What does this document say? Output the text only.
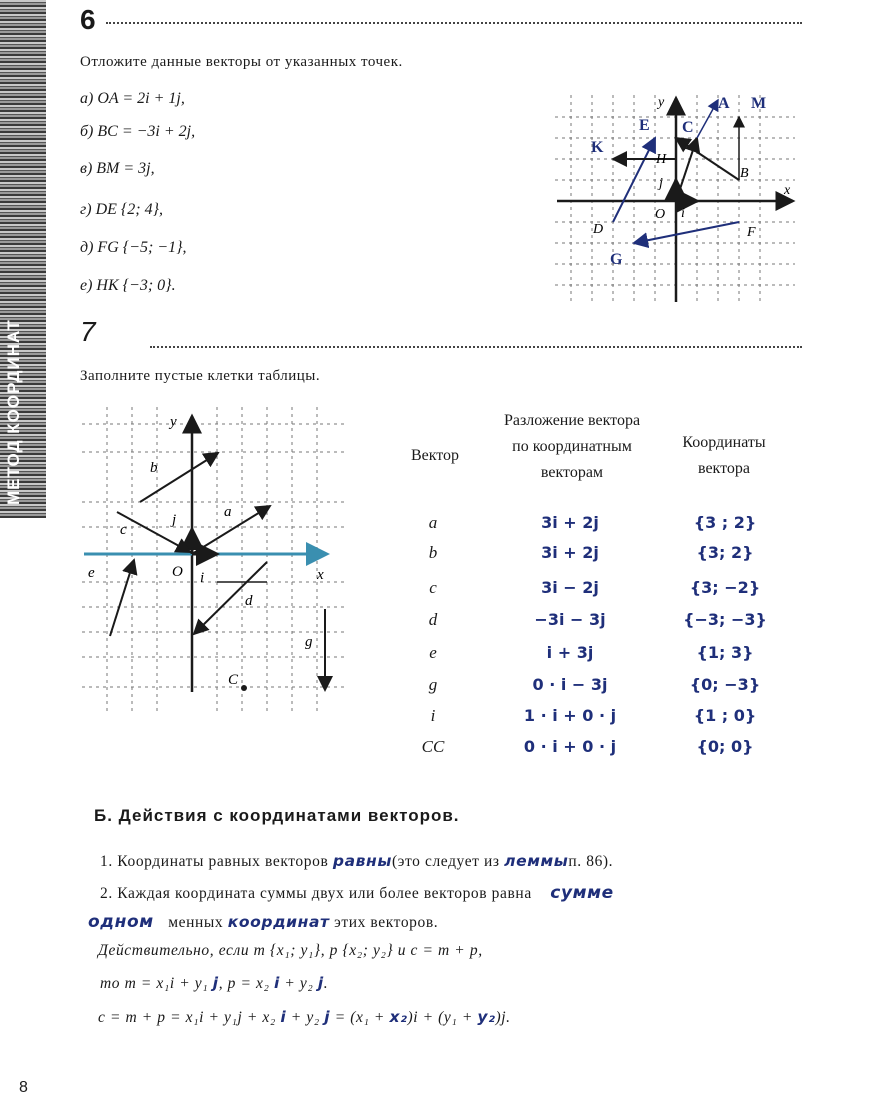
МЕТОД КООРДИНАТ
6
Отложите данные векторы от указанных точек.
а) OA = 2i + 1j,
б) BC = −3i + 2j,
в) BM = 3j,
г) DE {2; 4},
д) FG {−5; −1},
е) HK {−3; 0}.
y
x
O i
j
B
D	F
H
E C
A M
K
G
7
Заполните пустые клетки таблицы.
y
x
O
b
a
c
j
e	i
d
g
C
Вектор
Разложение вектора по координатным векторам
Координаты вектора
a	3i + 2j	{3 ; 2}
b	3i + 2j	{3; 2}
c	3i − 2j	{3; −2}
d	−3i − 3j	{−3; −3}
e	i + 3j	{1; 3}
g	0 · i − 3j	{0; −3}
i	1 · i + 0 · j	{1 ; 0}
CC	0 · i + 0 · j	{0; 0}
Б. Действия с координатами векторов.
1. Координаты равных векторов равны(это следует из леммып. 86).
2. Каждая координата суммы двух или более векторов равна сумме
одном менных координат этих векторов.
Действительно, если m {x₁; y₁}, p {x₂; y₂} и c = m + p,
то m = x₁i + y₁ j, p = x₂ i + y₂ j.
c = m + p = x₁i + y₁j + x₂ i + y₂ j = (x₁ + x₂)i + (y₁ + y₂)j.
8
